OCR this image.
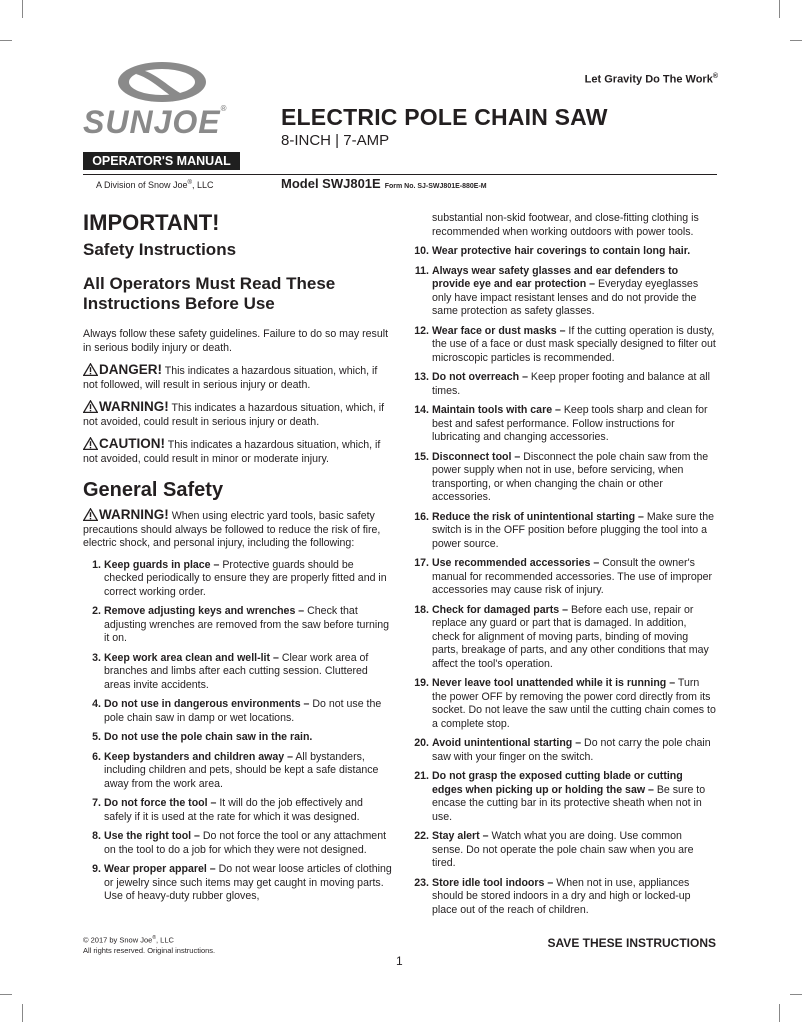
Let Gravity Do The Work®
SUNJOE®
OPERATOR'S MANUAL
A Division of Snow Joe®, LLC
ELECTRIC POLE CHAIN SAW
8-INCH | 7-AMP
Model SWJ801E Form No. SJ-SWJ801E-880E-M
IMPORTANT!
Safety Instructions
All Operators Must Read These Instructions Before Use

Always follow these safety guidelines. Failure to do so may result in serious bodily injury or death.

DANGER! This indicates a hazardous situation, which, if not followed, will result in serious injury or death.

WARNING! This indicates a hazardous situation, which, if not avoided, could result in serious injury or death.

CAUTION! This indicates a hazardous situation, which, if not avoided, could result in minor or moderate injury.

General Safety

WARNING! When using electric yard tools, basic safety precautions should always be followed to reduce the risk of fire, electric shock, and personal injury, including the following:

1. Keep guards in place – Protective guards should be checked periodically to ensure they are properly fitted and in correct working order.
2. Remove adjusting keys and wrenches – Check that adjusting wrenches are removed from the saw before turning it on.
3. Keep work area clean and well-lit – Clear work area of branches and limbs after each cutting session. Cluttered areas invite accidents.
4. Do not use in dangerous environments – Do not use the pole chain saw in damp or wet locations.
5. Do not use the pole chain saw in the rain.
6. Keep bystanders and children away – All bystanders, including children and pets, should be kept a safe distance away from the work area.
7. Do not force the tool – It will do the job effectively and safely if it is used at the rate for which it was designed.
8. Use the right tool – Do not force the tool or any attachment on the tool to do a job for which they were not designed.
9. Wear proper apparel – Do not wear loose articles of clothing or jewelry since such items may get caught in moving parts. Use of heavy-duty rubber gloves,
substantial non-skid footwear, and close-fitting clothing is recommended when working outdoors with power tools.
10. Wear protective hair coverings to contain long hair.
11. Always wear safety glasses and ear defenders to provide eye and ear protection – Everyday eyeglasses only have impact resistant lenses and do not provide the same protection as safety glasses.
12. Wear face or dust masks – If the cutting operation is dusty, the use of a face or dust mask specially designed to filter out microscopic particles is recommended.
13. Do not overreach – Keep proper footing and balance at all times.
14. Maintain tools with care – Keep tools sharp and clean for best and safest performance. Follow instructions for lubricating and changing accessories.
15. Disconnect tool – Disconnect the pole chain saw from the power supply when not in use, before servicing, when transporting, or when changing the chain or other accessories.
16. Reduce the risk of unintentional starting – Make sure the switch is in the OFF position before plugging the tool into a power source.
17. Use recommended accessories – Consult the owner's manual for recommended accessories. The use of improper accessories may cause risk of injury.
18. Check for damaged parts – Before each use, repair or replace any guard or part that is damaged. In addition, check for alignment of moving parts, binding of moving parts, breakage of parts, and any other conditions that may affect the tool's operation.
19. Never leave tool unattended while it is running – Turn the power OFF by removing the power cord directly from its socket. Do not leave the saw until the cutting chain comes to a complete stop.
20. Avoid unintentional starting – Do not carry the pole chain saw with your finger on the switch.
21. Do not grasp the exposed cutting blade or cutting edges when picking up or holding the saw – Be sure to encase the cutting bar in its protective sheath when not in use.
22. Stay alert – Watch what you are doing. Use common sense. Do not operate the pole chain saw when you are tired.
23. Store idle tool indoors – When not in use, appliances should be stored indoors in a dry and high or locked-up place out of the reach of children.
© 2017 by Snow Joe®, LLC
All rights reserved. Original instructions.	SAVE THESE INSTRUCTIONS
1
